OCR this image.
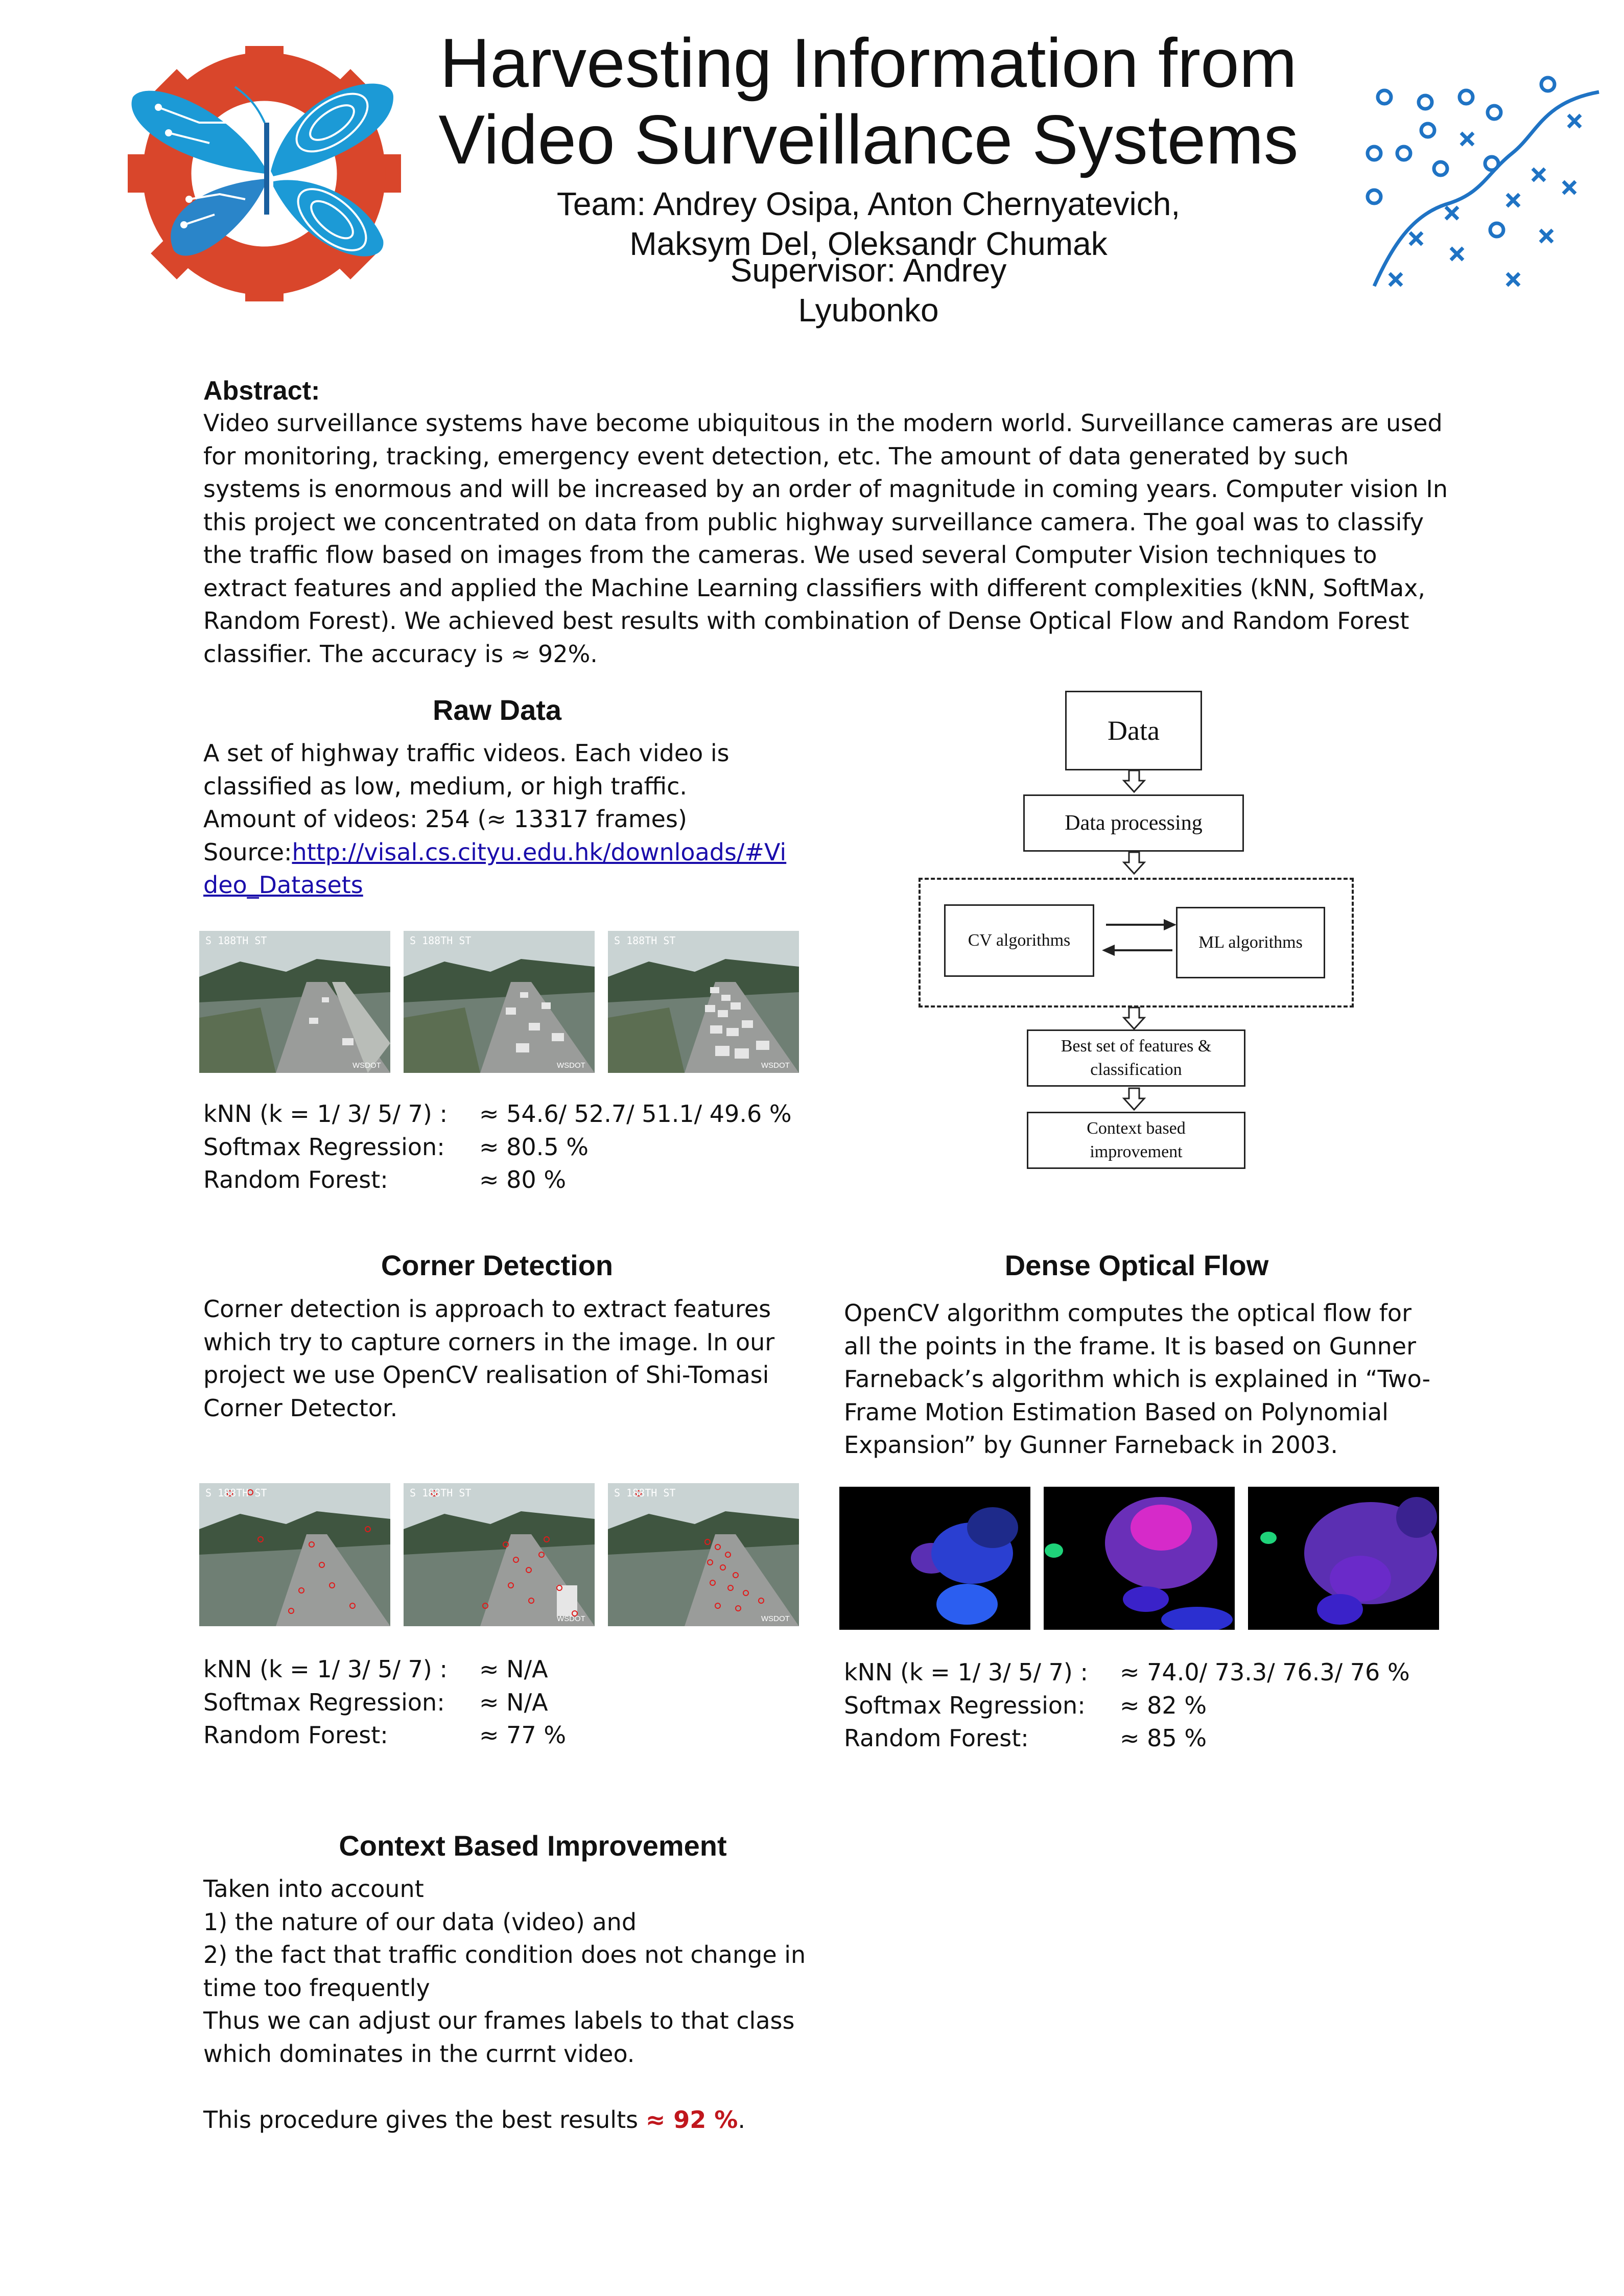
Harvesting Information from
Video Surveillance Systems
Team: Andrey Osipa, Anton Chernyatevich,
Maksym Del, Oleksandr Chumak
Supervisor: Andrey
Lyubonko
Abstract:
Video surveillance systems have become ubiquitous in the modern world. Surveillance cameras are used for monitoring, tracking, emergency event detection, etc. The amount of data generated by such systems is enormous and will be increased by an order of magnitude in coming years. Computer vision In this project we concentrated on data from public highway surveillance camera. The goal was to classify the traffic flow based on images from the cameras. We used several Computer Vision techniques to extract features and applied the Machine Learning classifiers with different complexities (kNN, SoftMax, Random Forest). We achieved best results with combination of Dense Optical Flow and Random Forest classifier. The accuracy is ≈ 92%.
Raw Data
A set of highway traffic videos. Each video is
classified as low, medium, or high traffic.
Amount of videos: 254 (≈ 13317 frames)
Source:http://visal.cs.cityu.edu.hk/downloads/#Video_Datasets
S 188TH ST
WSDOT
S 188TH ST
WSDOT
S 188TH ST
WSDOT
kNN (k = 1/ 3/ 5/ 7) :	≈ 54.6/ 52.7/ 51.1/ 49.6 %
Softmax Regression:	≈ 80.5 %
Random Forest:	≈ 80 %
Data
Data processing
CV algorithms	ML algorithms
Best set of features & classification
Context based improvement
Corner Detection
Corner detection is approach to extract features which try to capture corners in the image. In our project we use OpenCV realisation of Shi-Tomasi Corner Detector.
S 188TH ST	S 188TH ST
WSDOT
S 188TH ST
WSDOT
kNN (k = 1/ 3/ 5/ 7) :	≈ N/A
Softmax Regression:	≈ N/A
Random Forest:	≈ 77 %
Dense Optical Flow
OpenCV algorithm computes the optical flow for all the points in the frame. It is based on Gunner Farneback’s algorithm which is explained in “Two-Frame Motion Estimation Based on Polynomial Expansion” by Gunner Farneback in 2003.
kNN (k = 1/ 3/ 5/ 7) :	≈ 74.0/ 73.3/ 76.3/ 76 %
Softmax Regression:	≈ 82 %
Random Forest:	≈ 85 %
Context Based Improvement
Taken into account
1) the nature of our data (video) and
2) the fact that traffic condition does not change in time too frequently
Thus we can adjust our frames labels to that class which dominates in the currnt video.
This procedure gives the best results ≈ 92 %.
